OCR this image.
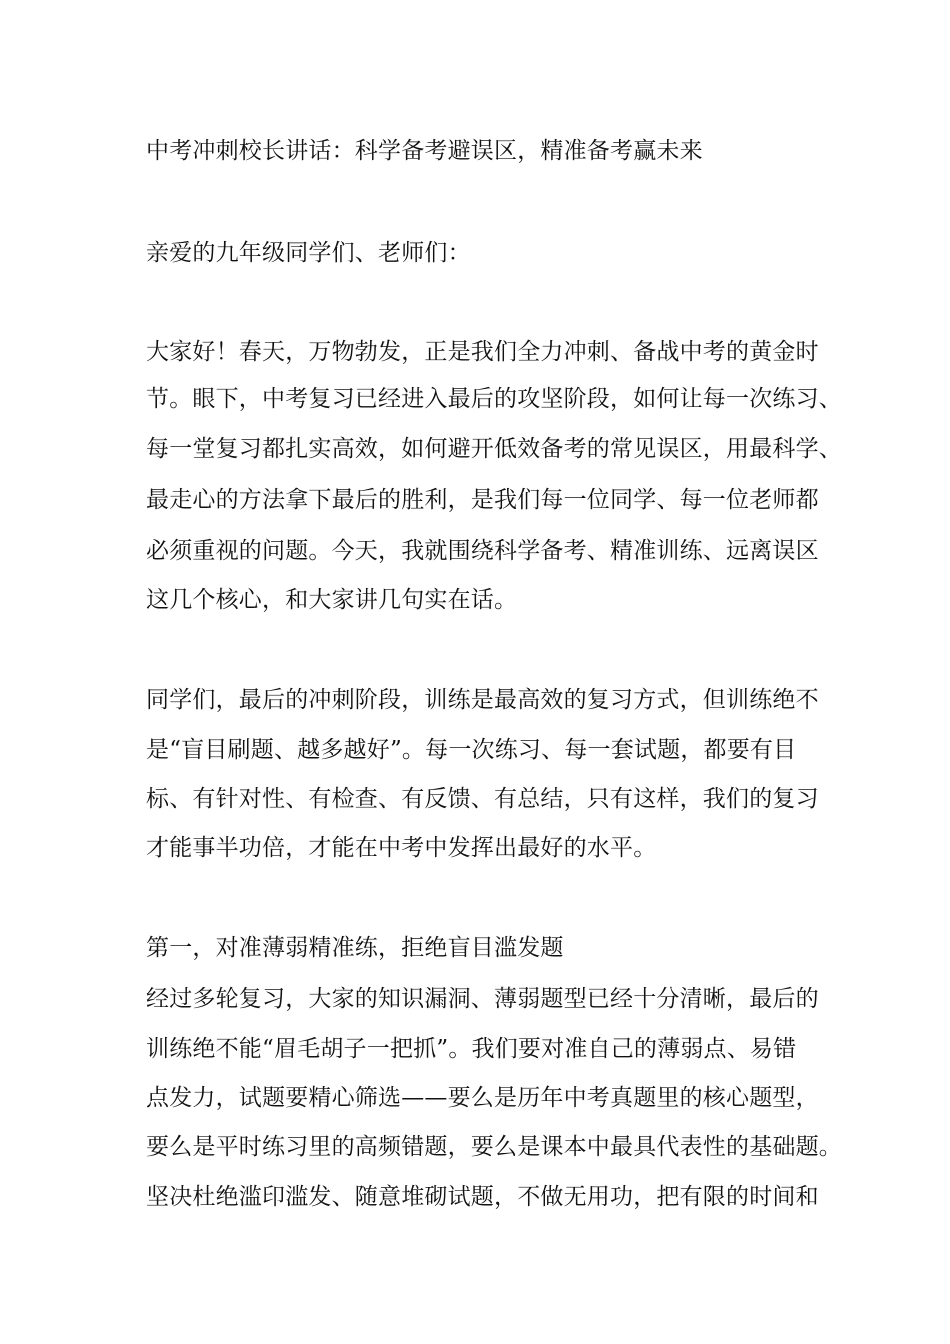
中考冲刺校长讲话：科学备考避误区，精准备考赢未来
亲爱的九年级同学们、老师们：
大家好！春天，万物勃发，正是我们全力冲刺、备战中考的黄金时
节。眼下，中考复习已经进入最后的攻坚阶段，如何让每一次练习、
每一堂复习都扎实高效，如何避开低效备考的常见误区，用最科学、
最走心的方法拿下最后的胜利，是我们每一位同学、每一位老师都
必须重视的问题。今天，我就围绕科学备考、精准训练、远离误区
这几个核心，和大家讲几句实在话。
同学们，最后的冲刺阶段，训练是最高效的复习方式，但训练绝不
是“盲目刷题、越多越好”。每一次练习、每一套试题，都要有目
标、有针对性、有检查、有反馈、有总结，只有这样，我们的复习
才能事半功倍，才能在中考中发挥出最好的水平。
第一，对准薄弱精准练，拒绝盲目滥发题
经过多轮复习，大家的知识漏洞、薄弱题型已经十分清晰，最后的
训练绝不能“眉毛胡子一把抓”。我们要对准自己的薄弱点、易错
点发力，试题要精心筛选——要么是历年中考真题里的核心题型，
要么是平时练习里的高频错题，要么是课本中最具代表性的基础题。
坚决杜绝滥印滥发、随意堆砌试题，不做无用功，把有限的时间和
